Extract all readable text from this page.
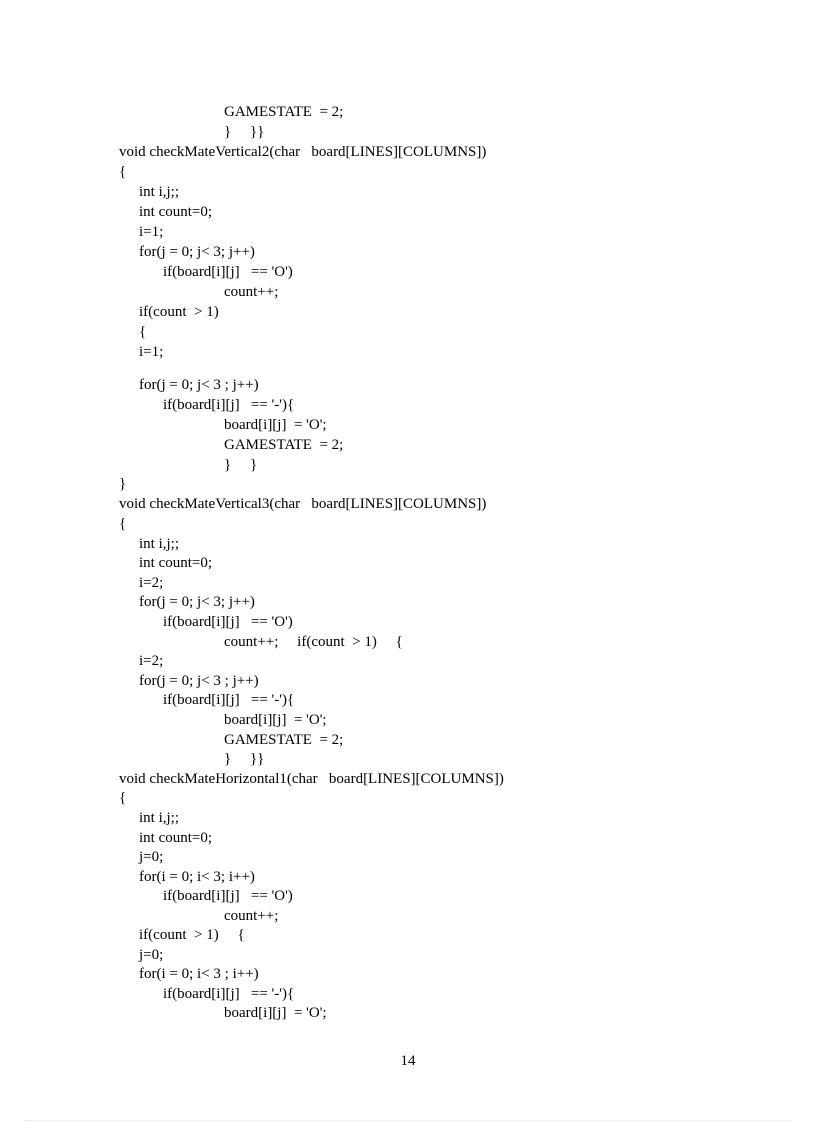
GAMESTATE  = 2;
}     }}
void checkMateVertical2(char   board[LINES][COLUMNS])
{
int i,j;;
int count=0;
i=1;
for(j = 0; j< 3; j++)
if(board[i][j]   == 'O')
count++;
if(count  > 1)
{
i=1;
for(j = 0; j< 3 ; j++)
if(board[i][j]   == '-'){
board[i][j]  = 'O';
GAMESTATE  = 2;
}     }
}
void checkMateVertical3(char   board[LINES][COLUMNS])
{
int i,j;;
int count=0;
i=2;
for(j = 0; j< 3; j++)
if(board[i][j]   == 'O')
count++;     if(count  > 1)     {
i=2;
for(j = 0; j< 3 ; j++)
if(board[i][j]   == '-'){
board[i][j]  = 'O';
GAMESTATE  = 2;
}     }}
void checkMateHorizontal1(char   board[LINES][COLUMNS])
{
int i,j;;
int count=0;
j=0;
for(i = 0; i< 3; i++)
if(board[i][j]   == 'O')
count++;
if(count  > 1)     {
j=0;
for(i = 0; i< 3 ; i++)
if(board[i][j]   == '-'){
board[i][j]  = 'O';
14
